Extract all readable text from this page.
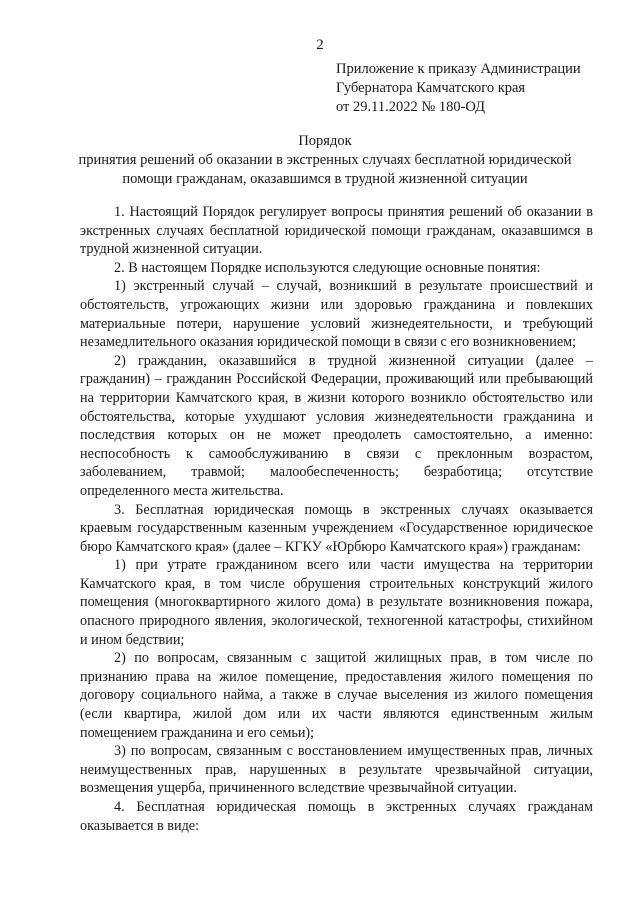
2
Приложение к приказу Администрации
Губернатора Камчатского края
от 29.11.2022 № 180-ОД
Порядок
принятия решений об оказании в экстренных случаях бесплатной юридической
помощи гражданам, оказавшимся в трудной жизненной ситуации

1. Настоящий Порядок регулирует вопросы принятия решений об оказании в экстренных случаях бесплатной юридической помощи гражданам, оказавшимся в трудной жизненной ситуации.

2. В настоящем Порядке используются следующие основные понятия:

1) экстренный случай – случай, возникший в результате происшествий и обстоятельств, угрожающих жизни или здоровью гражданина и повлекших материальные потери, нарушение условий жизнедеятельности, и требующий незамедлительного оказания юридической помощи в связи с его возникновением;

2) гражданин, оказавшийся в трудной жизненной ситуации (далее – гражданин) – гражданин Российской Федерации, проживающий или пребывающий на территории Камчатского края, в жизни которого возникло обстоятельство или обстоятельства, которые ухудшают условия жизнедеятельности гражданина и последствия которых он не может преодолеть самостоятельно, а именно: неспособность к самообслуживанию в связи с преклонным возрастом, заболеванием, травмой; малообеспеченность; безработица; отсутствие определенного места жительства.

3. Бесплатная юридическая помощь в экстренных случаях оказывается краевым государственным казенным учреждением «Государственное юридическое бюро Камчатского края» (далее – КГКУ «Юрбюро Камчатского края») гражданам:

1) при утрате гражданином всего или части имущества на территории Камчатского края, в том числе обрушения строительных конструкций жилого помещения (многоквартирного жилого дома) в результате возникновения пожара, опасного природного явления, экологической, техногенной катастрофы, стихийном и ином бедствии;

2) по вопросам, связанным с защитой жилищных прав, в том числе по признанию права на жилое помещение, предоставления жилого помещения по договору социального найма, а также в случае выселения из жилого помещения (если квартира, жилой дом или их части являются единственным жилым помещением гражданина и его семьи);

3) по вопросам, связанным с восстановлением имущественных прав, личных неимущественных прав, нарушенных в результате чрезвычайной ситуации, возмещения ущерба, причиненного вследствие чрезвычайной ситуации.

4. Бесплатная юридическая помощь в экстренных случаях гражданам оказывается в виде:
